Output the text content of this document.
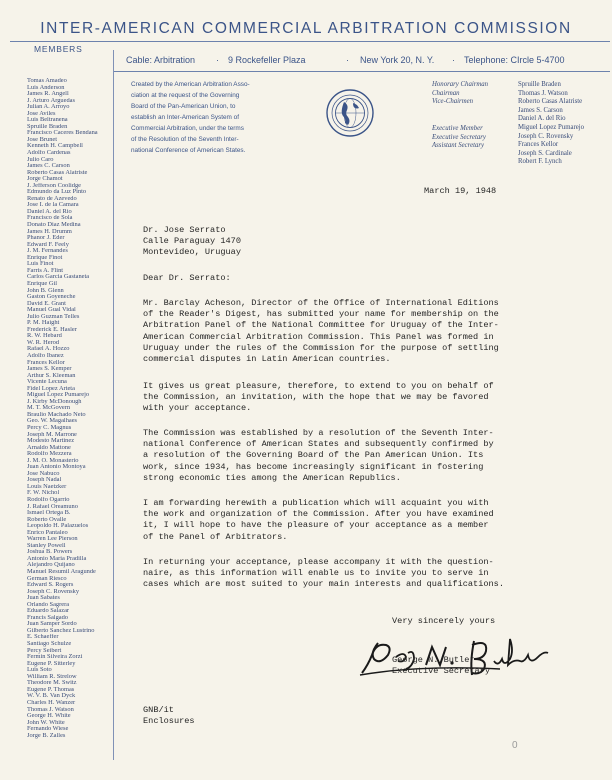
INTER-AMERICAN COMMERCIAL ARBITRATION COMMISSION
MEMBERS
Tomas Amadeo
Luis Anderson
James R. Angell
J. Arturo Arguedas
Julian A. Arroyo
Jose Aviles
Luis Beltranena
Spruille Braden
Francisco Caceres Bendana
Jose Brunet
Kenneth H. Campbell
Adolfo Cardenas
Julio Caro
James C. Carson
Roberto Casas Alatriste
Jorge Chamot
J. Jefferson Coolidge
Edmundo da Luz Pinto
Renato de Azevedo
Jose I. de la Camara
Daniel A. del Rio
Francisco de Sola
Donato Diaz Medina
James H. Drumm
Phanor J. Eder
Edward F. Feely
J. M. Fernandes
Enrique Finot
Luis Finot
Farris A. Flint
Carlos Garcia Gastaneta
Enrique Gil
John B. Glenn
Gaston Goyeneche
David E. Grant
Manuel Gual Vidal
Julio Guzman Telles
P. M. Haight
Frederick E. Hasler
R. W. Hebard
W. R. Herod
Rafael A. Hozzo
Adolfo Ibanez
Frances Kellor
James S. Kemper
Arthur S. Kleeman
Vicente Lecuna
Fidel Lopez Arteta
Miguel Lopez Pumarejo
J. Kirby McDonough
M. T. McGovern
Braulio Machado Neto
Geo. W. Magalhaes
Percy C. Magnus
Joseph M. Marrone
Modesto Martinez
Arnaldo Mattone
Rodolfo Mezzera
J. M. O. Monasterio
Juan Antonio Montoya
Jose Nabuco
Joseph Nadal
Louis Naetzker
F. W. Nichol
Rodolfo Ogarrio
J. Rafael Oreamuno
Ismael Ortega B.
Roberto Ovalle
Leopoldo H. Palazuelos
Enrico Pantaleo
Warren Lee Pierson
Stanley Powell
Joshua B. Powers
Antonio Maria Pradilla
Alejandro Quijano
Manuel Resumil Aragunde
German Riesco
Edward S. Rogers
Joseph C. Rovensky
Juan Sabates
Orlando Sagrera
Eduardo Salazar
Francis Salgado
Juan Samper Sordo
Gilberto Sanchez Lustrino
E. Schaeffer
Santiago Schulze
Percy Seibert
Fermin Silveira Zorzi
Eugene P. Sitterley
Luis Soto
William R. Strelow
Theodore M. Switz
Eugene P. Thomas
W. V. B. Van Dyck
Charles H. Wanzer
Thomas J. Watson
George H. White
John W. White
Fernando Wiese
Jorge B. Zalles
Cable: Arbitration · 9 Rockefeller Plaza	· New York 20, N. Y. · Telephone: CIrcle 5-4700
Created by the American Arbitration Asso-
ciation at the request of the Governing
Board of the Pan-American Union, to
establish an Inter-American System of
Commercial Arbitration, under the terms
of the Resolution of the Seventh Inter-
national Conference of American States.
Honorary Chairman
Chairman
Vice-Chairmen
Executive Member
Executive Secretary
Assistant Secretary
Spruille Braden
Thomas J. Watson
Roberto Casas Alatriste
James S. Carson
Daniel A. del Rio
Miguel Lopez Pumarejo
Joseph C. Rovensky
Frances Kellor
Joseph S. Cardinale
Robert F. Lynch
March 19, 1948
Dr. Jose Serrato
Calle Paraguay 1470
Montevideo, Uruguay
Dear Dr. Serrato:
Mr. Barclay Acheson, Director of the Office of International Editions
of the Reader's Digest, has submitted your name for membership on the
Arbitration Panel of the National Committee for Uruguay of the Inter-
American Commercial Arbitration Commission. This Panel was formed in
Uruguay under the rules of the Commission for the purpose of settling
commercial disputes in Latin American countries.
It gives us great pleasure, therefore, to extend to you on behalf of
the Commission, an invitation, with the hope that we may be favored
with your acceptance.
The Commission was established by a resolution of the Seventh Inter-
national Conference of American States and subsequently confirmed by
a resolution of the Governing Board of the Pan American Union. Its
work, since 1934, has become increasingly significant in fostering
strong economic ties among the American Republics.
I am forwarding herewith a publication which will acquaint you with
the work and organization of the Commission. After you have examined
it, I will hope to have the pleasure of your acceptance as a member
of the Panel of Arbitrators.
In returning your acceptance, please accompany it with the question-
naire, as this information will enable us to invite you to serve in
cases which are most suited to your main interests and qualifications.
Very sincerely yours
George N. Butler
Executive Secretary
GNB/it
Enclosures
0
